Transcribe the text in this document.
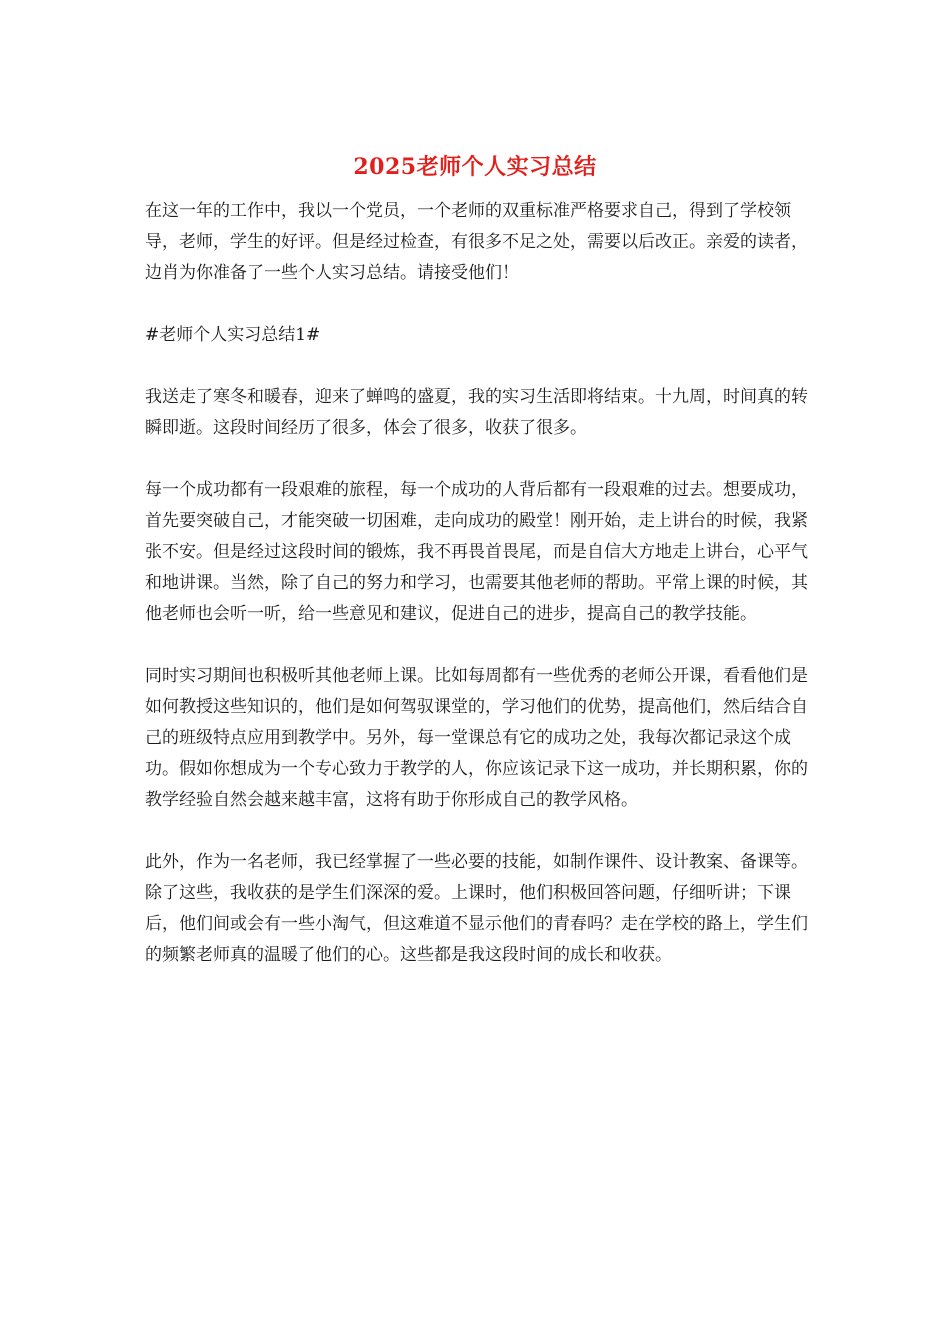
2025老师个人实习总结

在这一年的工作中，我以一个党员，一个老师的双重标准严格要求自己，得到了学校领导，老师，学生的好评。但是经过检查，有很多不足之处，需要以后改正。亲爱的读者，边肖为你准备了一些个人实习总结。请接受他们！

#老师个人实习总结1#

我送走了寒冬和暖春，迎来了蝉鸣的盛夏，我的实习生活即将结束。十九周，时间真的转瞬即逝。这段时间经历了很多，体会了很多，收获了很多。

每一个成功都有一段艰难的旅程，每一个成功的人背后都有一段艰难的过去。想要成功，首先要突破自己，才能突破一切困难，走向成功的殿堂！刚开始，走上讲台的时候，我紧张不安。但是经过这段时间的锻炼，我不再畏首畏尾，而是自信大方地走上讲台，心平气和地讲课。当然，除了自己的努力和学习，也需要其他老师的帮助。平常上课的时候，其他老师也会听一听，给一些意见和建议，促进自己的进步，提高自己的教学技能。

同时实习期间也积极听其他老师上课。比如每周都有一些优秀的老师公开课，看看他们是如何教授这些知识的，他们是如何驾驭课堂的，学习他们的优势，提高他们，然后结合自己的班级特点应用到教学中。另外，每一堂课总有它的成功之处，我每次都记录这个成功。假如你想成为一个专心致力于教学的人，你应该记录下这一成功，并长期积累，你的教学经验自然会越来越丰富，这将有助于你形成自己的教学风格。

此外，作为一名老师，我已经掌握了一些必要的技能，如制作课件、设计教案、备课等。除了这些，我收获的是学生们深深的爱。上课时，他们积极回答问题，仔细听讲；下课后，他们间或会有一些小淘气，但这难道不显示他们的青春吗？走在学校的路上，学生们的频繁老师真的温暖了他们的心。这些都是我这段时间的成长和收获。
